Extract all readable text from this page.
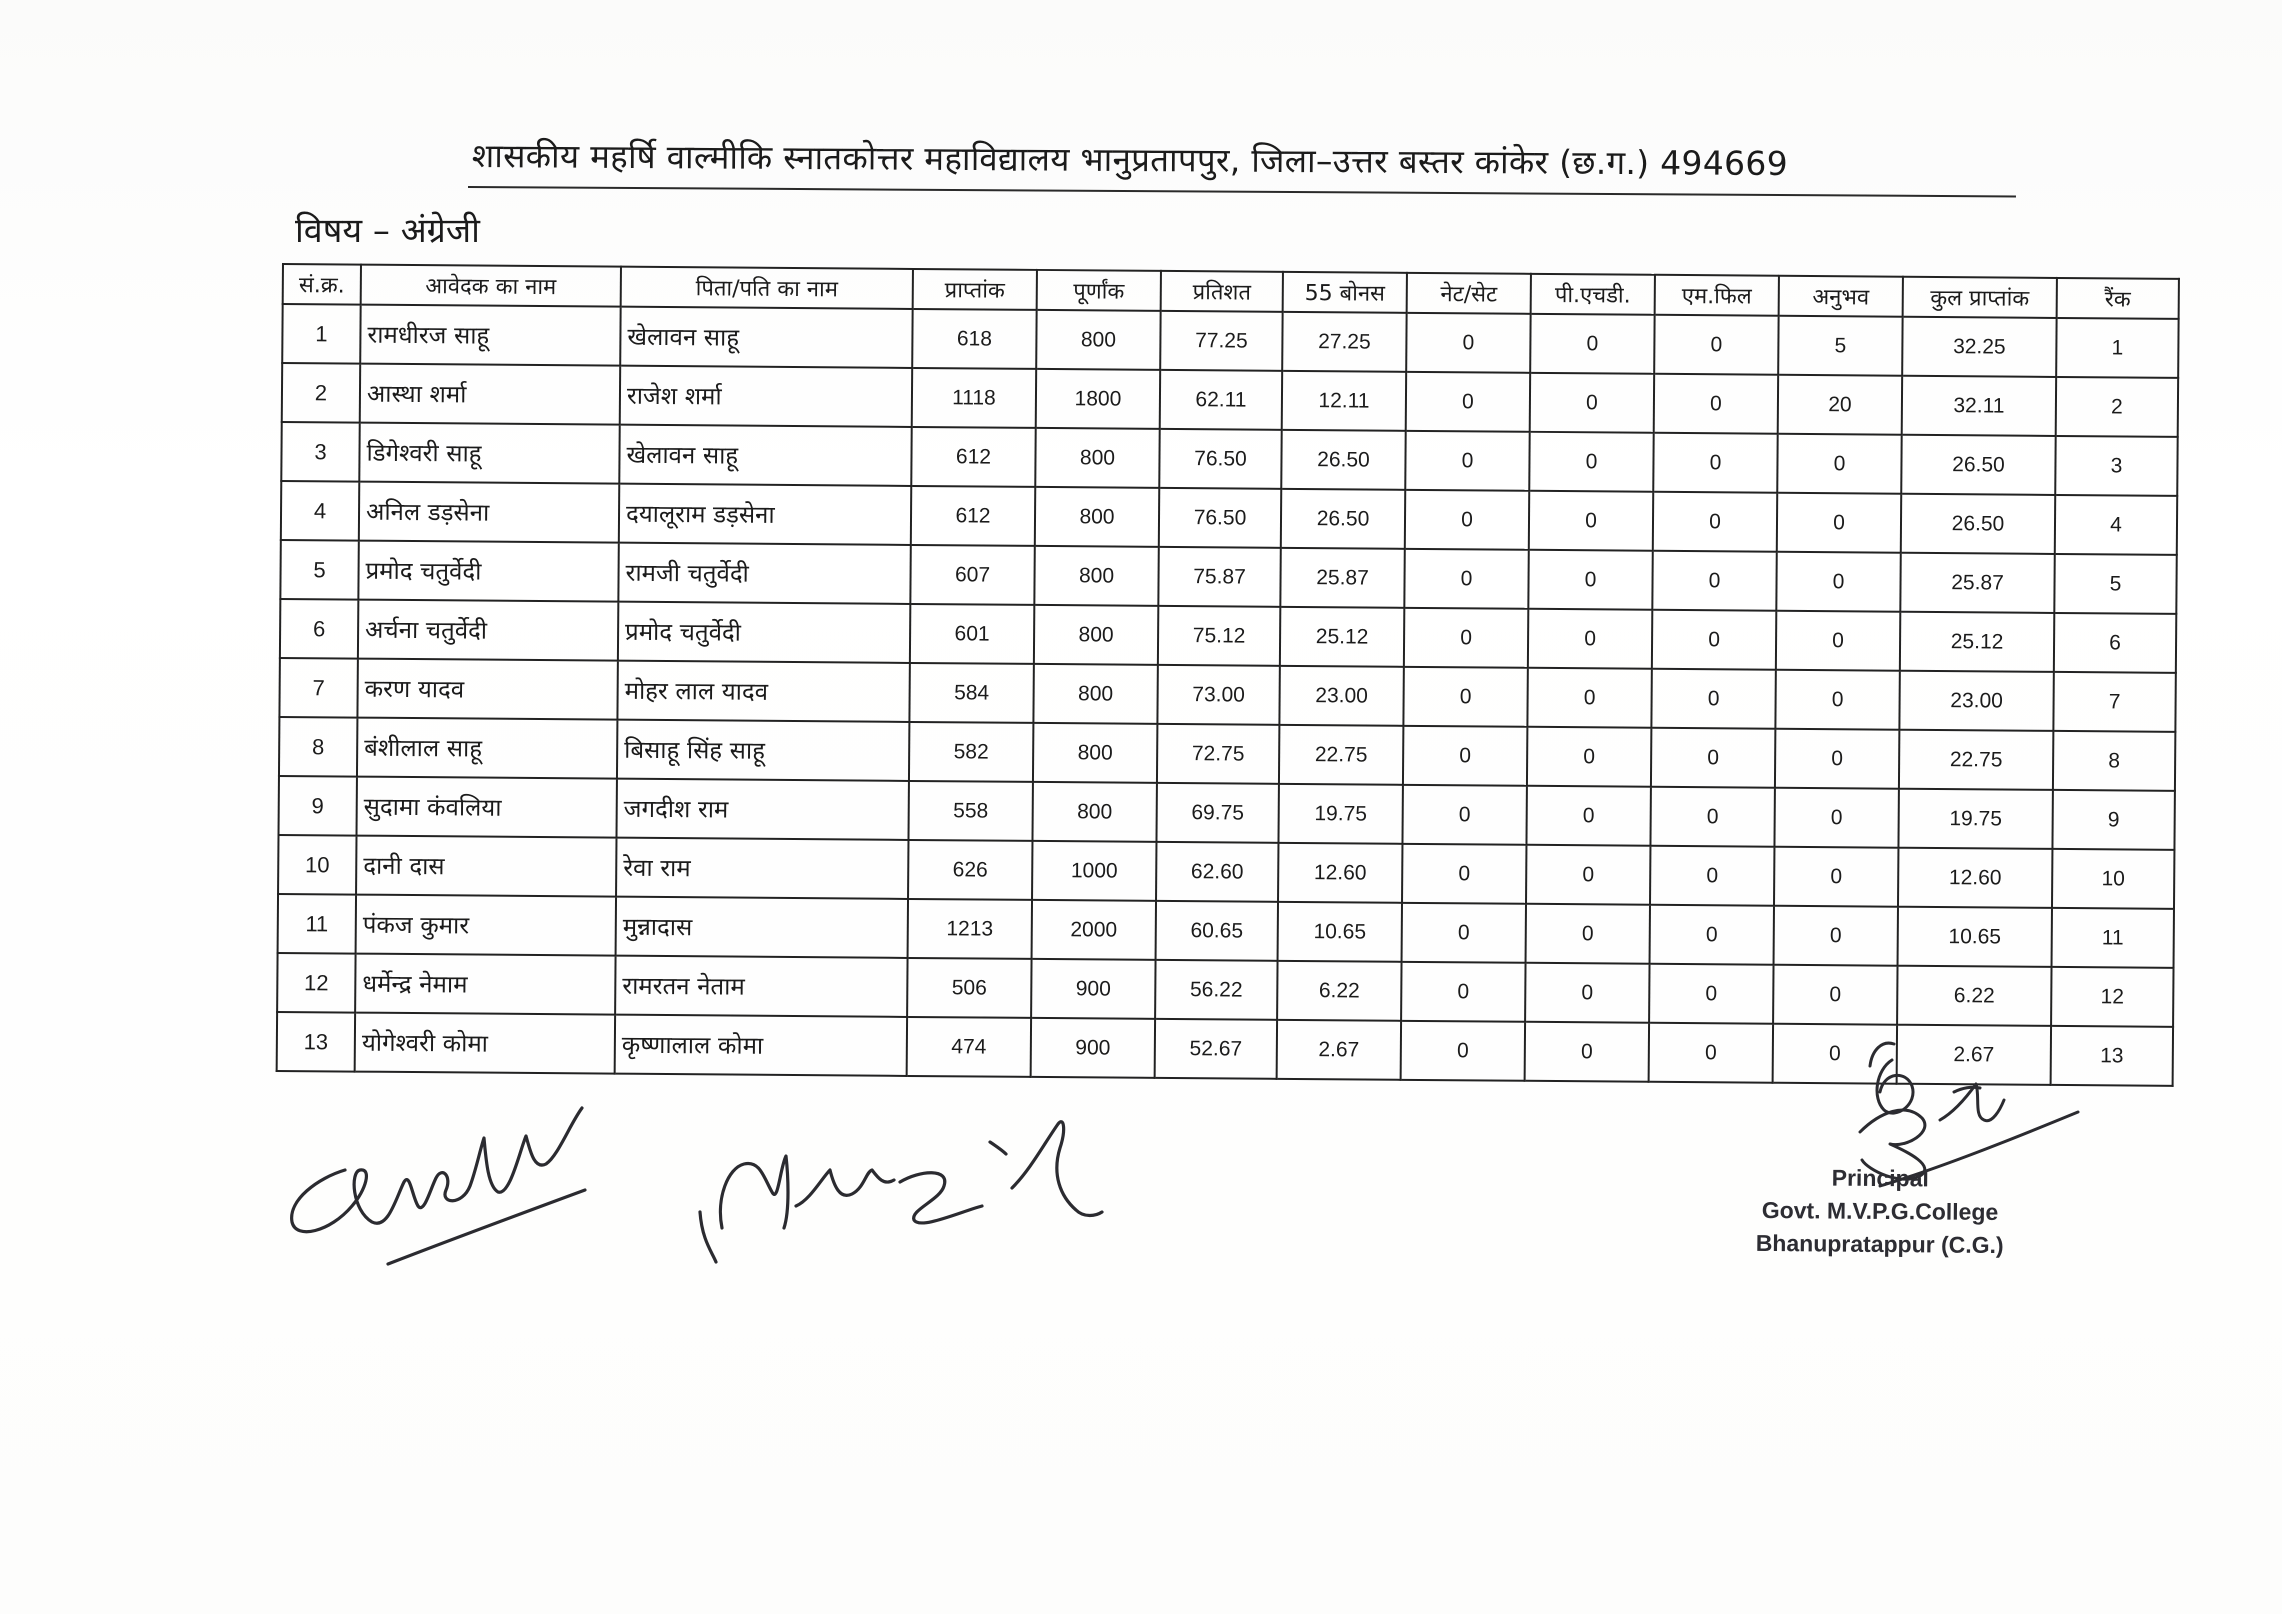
शासकीय महर्षि वाल्मीकि स्नातकोत्तर महाविद्यालय भानुप्रतापपुर, जिला–उत्तर बस्तर कांकेर (छ.ग.) 494669
विषय – अंग्रेजी
सं.क्र.	आवेदक का नाम	पिता/पति का नाम	प्राप्तांक	पूर्णांक	प्रतिशत	55 बोनस	नेट/सेट	पी.एचडी.	एम.फिल	अनुभव	कुल प्राप्तांक	रैंक
1	रामधीरज साहू	खेलावन साहू	618	800	77.25	27.25	0	0	0	5	32.25	1
2	आस्था शर्मा	राजेश शर्मा	1118	1800	62.11	12.11	0	0	0	20	32.11	2
3	डिगेश्वरी साहू	खेलावन साहू	612	800	76.50	26.50	0	0	0	0	26.50	3
4	अनिल डड़सेना	दयालूराम डड़सेना	612	800	76.50	26.50	0	0	0	0	26.50	4
5	प्रमोद चतुर्वेदी	रामजी चतुर्वेदी	607	800	75.87	25.87	0	0	0	0	25.87	5
6	अर्चना चतुर्वेदी	प्रमोद चतुर्वेदी	601	800	75.12	25.12	0	0	0	0	25.12	6
7	करण यादव	मोहर लाल यादव	584	800	73.00	23.00	0	0	0	0	23.00	7
8	बंशीलाल साहू	बिसाहू सिंह साहू	582	800	72.75	22.75	0	0	0	0	22.75	8
9	सुदामा कंवलिया	जगदीश राम	558	800	69.75	19.75	0	0	0	0	19.75	9
10	दानी दास	रेवा राम	626	1000	62.60	12.60	0	0	0	0	12.60	10
11	पंकज कुमार	मुन्नादास	1213	2000	60.65	10.65	0	0	0	0	10.65	11
12	धर्मेन्द्र नेमाम	रामरतन नेताम	506	900	56.22	6.22	0	0	0	0	6.22	12
13	योगेश्वरी कोमा	कृष्णालाल कोमा	474	900	52.67	2.67	0	0	0	0	2.67	13
Principal
Govt. M.V.P.G.College
Bhanupratappur (C.G.)
